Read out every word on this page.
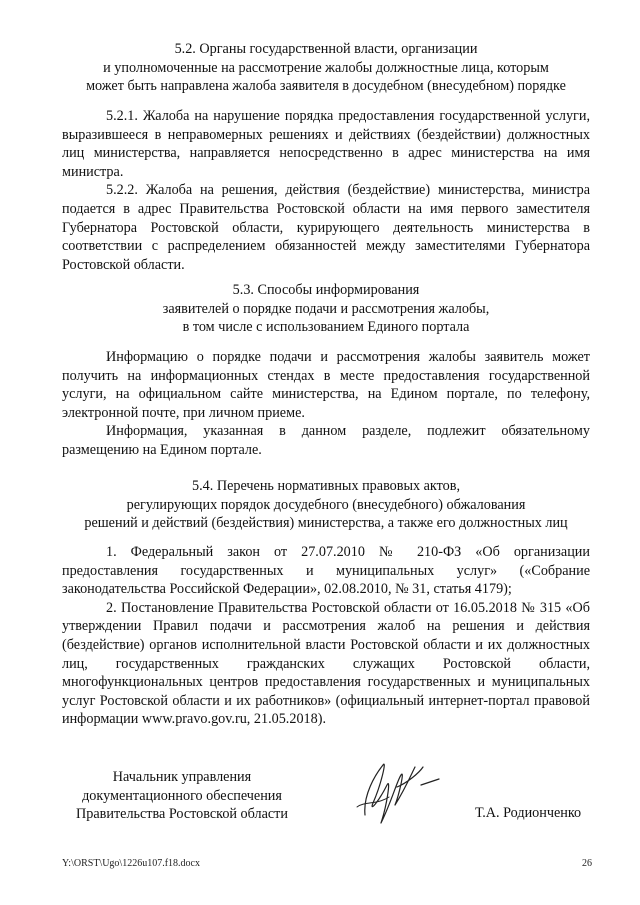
5.2. Органы государственной власти, организации
и уполномоченные на рассмотрение жалобы должностные лица, которым
может быть направлена жалоба заявителя в досудебном (внесудебном) порядке

5.2.1. Жалоба на нарушение порядка предоставления государственной услуги, выразившееся в неправомерных решениях и действиях (бездействии) должностных лиц министерства, направляется непосредственно в адрес министерства на имя министра.

5.2.2. Жалоба на решения, действия (бездействие) министерства, министра подается в адрес Правительства Ростовской области на имя первого заместителя Губернатора Ростовской области, курирующего деятельность министерства в соответствии с распределением обязанностей между заместителями Губернатора Ростовской области.

5.3. Способы информирования
заявителей о порядке подачи и рассмотрения жалобы,
в том числе с использованием Единого портала

Информацию о порядке подачи и рассмотрения жалобы заявитель может получить на информационных стендах в месте предоставления государственной услуги, на официальном сайте министерства, на Едином портале, по телефону, электронной почте, при личном приеме.

Информация, указанная в данном разделе, подлежит обязательному размещению на Едином портале.

5.4. Перечень нормативных правовых актов,
регулирующих порядок досудебного (внесудебного) обжалования
решений и действий (бездействия) министерства, а также его должностных лиц

1. Федеральный закон от 27.07.2010 № 210-ФЗ «Об организации предоставления государственных и муниципальных услуг» («Собрание законодательства Российской Федерации», 02.08.2010, № 31, статья 4179);

2. Постановление Правительства Ростовской области от 16.05.2018 № 315 «Об утверждении Правил подачи и рассмотрения жалоб на решения и действия (бездействие) органов исполнительной власти Ростовской области и их должностных лиц, государственных гражданских служащих Ростовской области, многофункциональных центров предоставления государственных и муниципальных услуг Ростовской области и их работников» (официальный интернет-портал правовой информации www.pravo.gov.ru, 21.05.2018).

Начальник управления
документационного обеспечения
Правительства Ростовской области	Т.А. Родионченко
Y:\ORST\Ugo\1226u107.f18.docx	26
